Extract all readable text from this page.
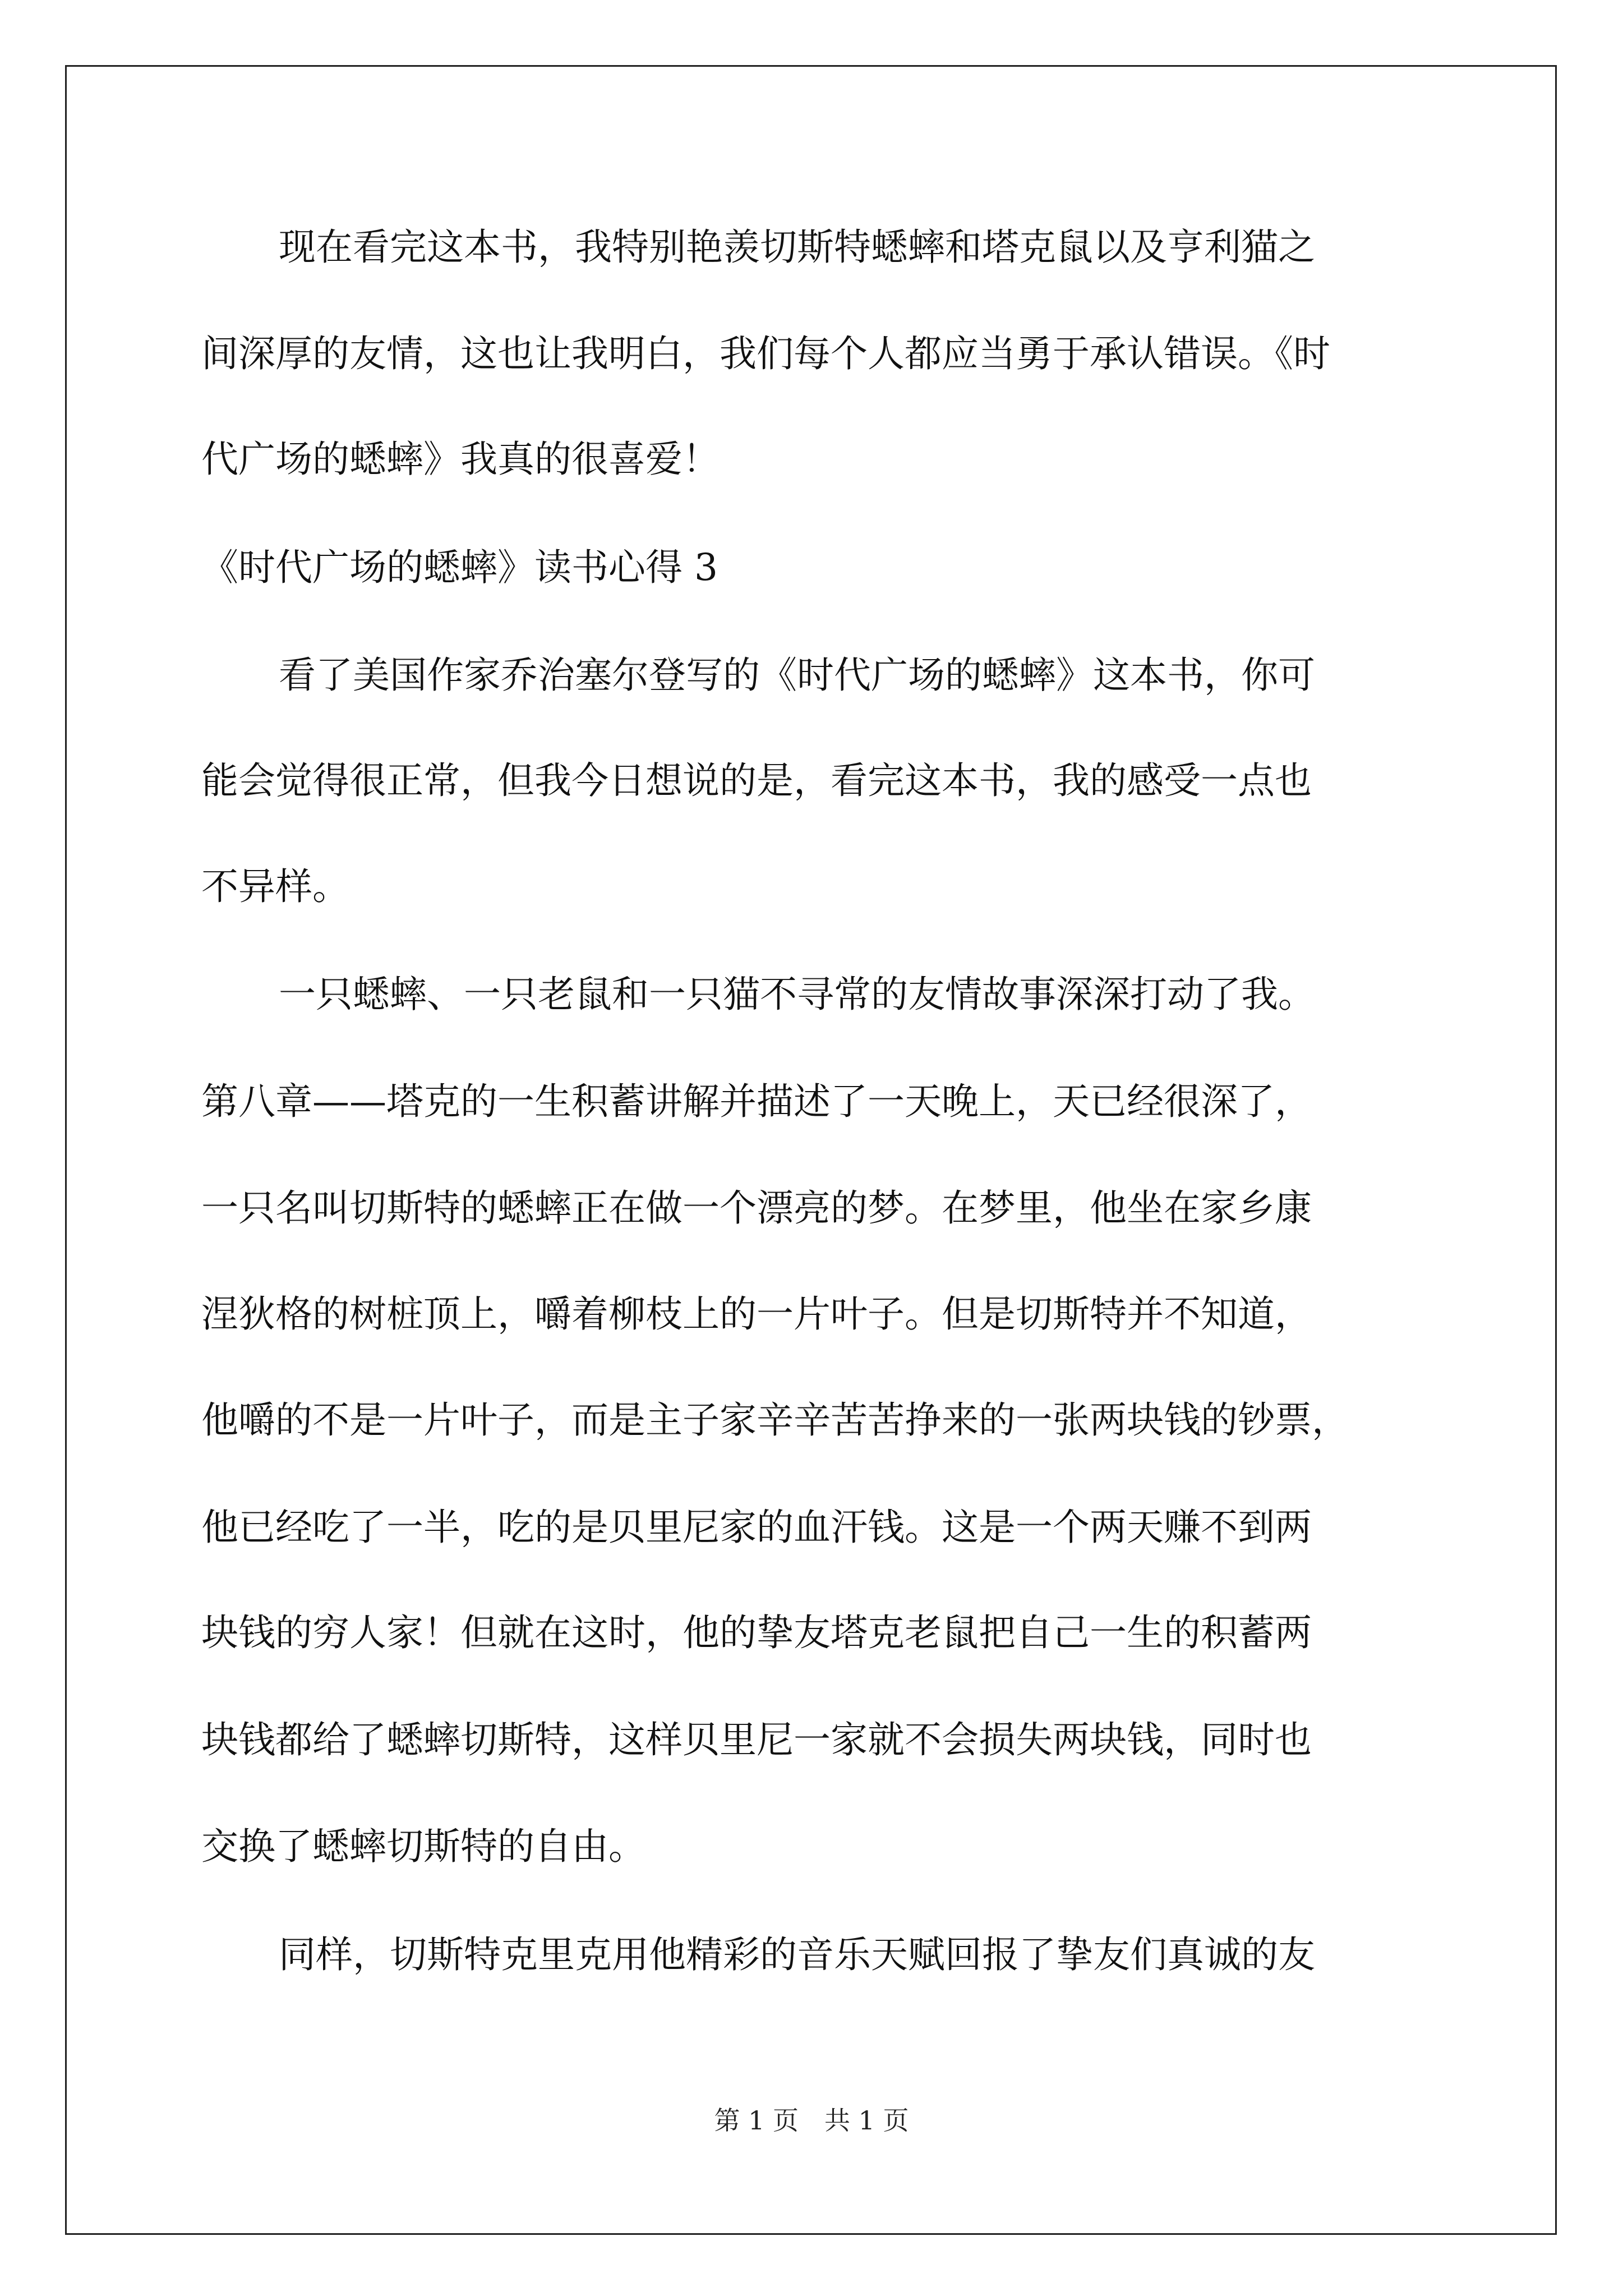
现在看完这本书，我特别艳羡切斯特蟋蟀和塔克鼠以及亨利猫之
间深厚的友情，这也让我明白，我们每个人都应当勇于承认错误。《时
代广场的蟋蟀》我真的很喜爱！
《时代广场的蟋蟀》读书心得 3
看了美国作家乔治塞尔登写的《时代广场的蟋蟀》这本书，你可
能会觉得很正常，但我今日想说的是，看完这本书，我的感受一点也
不异样。
一只蟋蟀、一只老鼠和一只猫不寻常的友情故事深深打动了我。
第八章——塔克的一生积蓄讲解并描述了一天晚上，天已经很深了，
一只名叫切斯特的蟋蟀正在做一个漂亮的梦。在梦里，他坐在家乡康
涅狄格的树桩顶上，嚼着柳枝上的一片叶子。但是切斯特并不知道，
他嚼的不是一片叶子，而是主子家辛辛苦苦挣来的一张两块钱的钞票，
他已经吃了一半，吃的是贝里尼家的血汗钱。这是一个两天赚不到两
块钱的穷人家！但就在这时，他的挚友塔克老鼠把自己一生的积蓄两
块钱都给了蟋蟀切斯特，这样贝里尼一家就不会损失两块钱，同时也
交换了蟋蟀切斯特的自由。
同样，切斯特克里克用他精彩的音乐天赋回报了挚友们真诚的友
第 1 页　共 1 页
